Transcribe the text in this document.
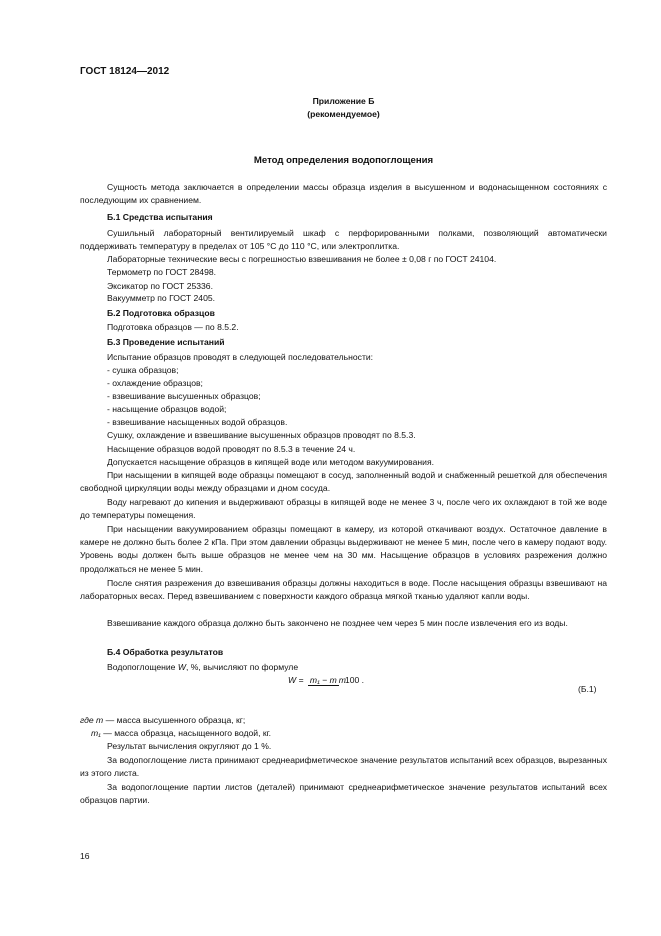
ГОСТ 18124—2012
Приложение Б
(рекомендуемое)
Метод определения водопоглощения
Сущность метода заключается в определении массы образца изделия в высушенном и водонасыщенном состояниях с последующим их сравнением.
Б.1 Средства испытания
Сушильный лабораторный вентилируемый шкаф с перфорированными полками, позволяющий автоматически поддерживать температуру в пределах от 105 °С до 110 °С, или электроплитка.
Лабораторные технические весы с погрешностью взвешивания не более ± 0,08 г по ГОСТ 24104.
Термометр по ГОСТ 28498.
Эксикатор по ГОСТ 25336.
Вакуумметр по ГОСТ 2405.
Б.2 Подготовка образцов
Подготовка образцов — по 8.5.2.
Б.3 Проведение испытаний
Испытание образцов проводят в следующей последовательности:
- сушка образцов;
- охлаждение образцов;
- взвешивание высушенных образцов;
- насыщение образцов водой;
- взвешивание насыщенных водой образцов.
Сушку, охлаждение и взвешивание высушенных образцов проводят по 8.5.3.
Насыщение образцов водой проводят по 8.5.3 в течение 24 ч.
Допускается насыщение образцов в кипящей воде или методом вакуумирования.
При насыщении в кипящей воде образцы помещают в сосуд, заполненный водой и снабженный решеткой для обеспечения свободной циркуляции воды между образцами и дном сосуда.
Воду нагревают до кипения и выдерживают образцы в кипящей воде не менее 3 ч, после чего их охлаждают в той же воде до температуры помещения.
При насыщении вакуумированием образцы помещают в камеру, из которой откачивают воздух. Остаточное давление в камере не должно быть более 2 кПа. При этом давлении образцы выдерживают не менее 5 мин, после чего в камеру подают воду. Уровень воды должен быть выше образцов не менее чем на 30 мм. Насыщение образцов в условиях разрежения должно продолжаться не менее 5 мин.
После снятия разрежения до взвешивания образцы должны находиться в воде. После насыщения образцы взвешивают на лабораторных весах. Перед взвешиванием с поверхности каждого образца мягкой тканью удаляют капли воды.
Взвешивание каждого образца должно быть закончено не позднее чем через 5 мин после извлечения его из воды.
Б.4 Обработка результатов
Водопоглощение W, %, вычисляют по формуле
W = m₁ − m m100 .
(Б.1)
где m — масса высушенного образца, кг;
m₁ — масса образца, насыщенного водой, кг.
Результат вычисления округляют до 1 %.
За водопоглощение листа принимают среднеарифметическое значение результатов испытаний всех образцов, вырезанных из этого листа.
За водопоглощение партии листов (деталей) принимают среднеарифметическое значение результатов испытаний всех образцов партии.
16
